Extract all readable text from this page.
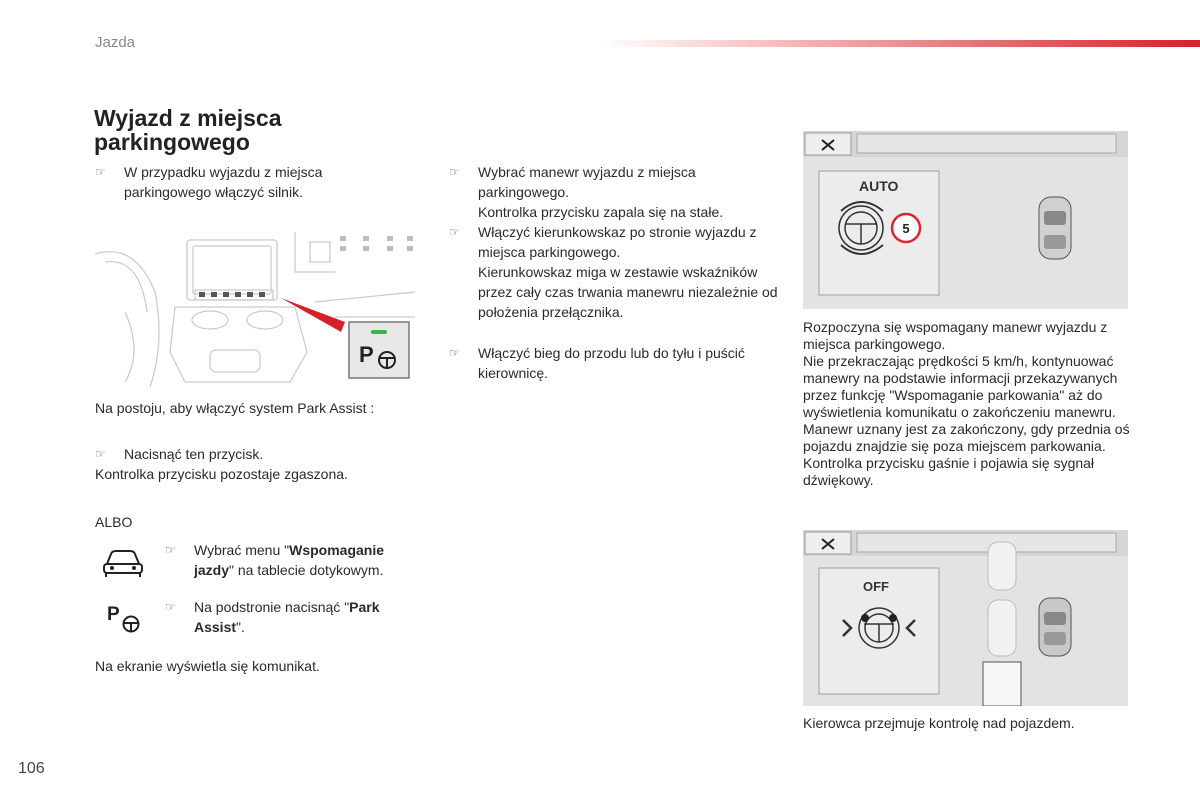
Jazda
Wyjazd z miejsca parkingowego
☞ W przypadku wyjazdu z miejsca parkingowego włączyć silnik.
P
Na postoju, aby włączyć system Park Assist :
☞ Nacisnąć ten przycisk.
Kontrolka przycisku pozostaje zgaszona.
ALBO
☞ Wybrać menu "Wspomaganie
jazdy" na tablecie dotykowym.
P	☞ Na podstronie nacisnąć "Park
Assist".
Na ekranie wyświetla się komunikat.
☞ Wybrać manewr wyjazdu z miejsca parkingowego.
Kontrolka przycisku zapala się na stałe.
☞ Włączyć kierunkowskaz po stronie wyjazdu z miejsca parkingowego.
Kierunkowskaz miga w zestawie wskaźników przez cały czas trwania manewru niezależnie od położenia przełącznika.
☞ Włączyć bieg do przodu lub do tyłu i puścić kierownicę.
AUTO
5
Rozpoczyna się wspomagany manewr wyjazdu z miejsca parkingowego.
Nie przekraczając prędkości 5 km/h, kontynuować manewry na podstawie informacji przekazywanych przez funkcję "Wspomaganie parkowania" aż do wyświetlenia komunikatu o zakończeniu manewru.
Manewr uznany jest za zakończony, gdy przednia oś pojazdu znajdzie się poza miejscem parkowania.
Kontrolka przycisku gaśnie i pojawia się sygnał dźwiękowy.
OFF
Kierowca przejmuje kontrolę nad pojazdem.
106
